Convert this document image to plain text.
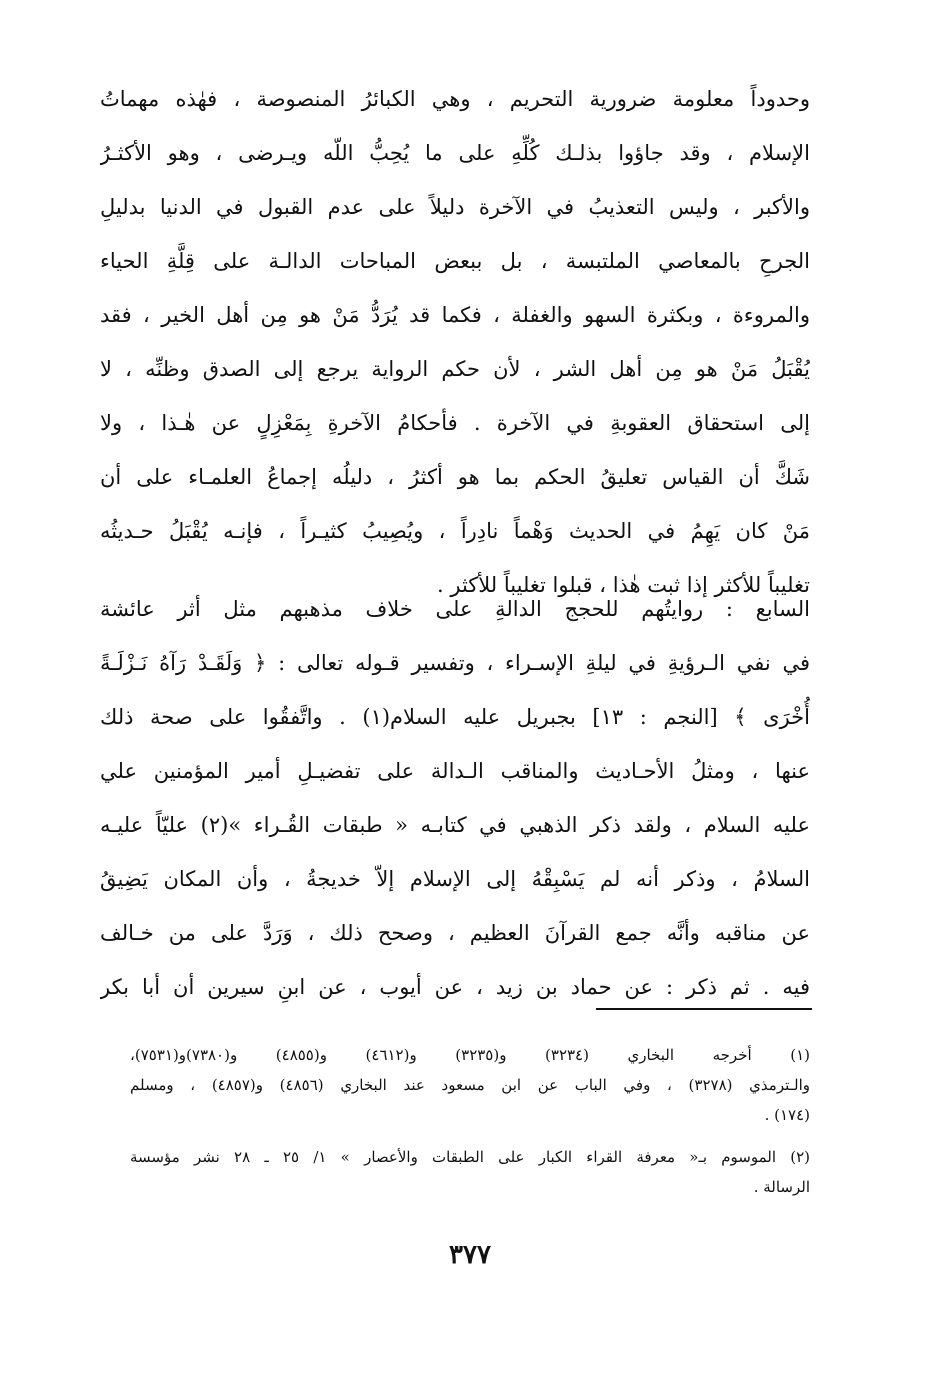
وحدوداً معلومة ضرورية التحريم ، وهي الكبائرُ المنصوصة ، فهٰذه مهماتُ
الإسلام ، وقد جاؤوا بذلـك كُلِّهِ على ما يُحِبُّ اللّه ويـرضى ، وهو الأكثـرُ
والأكبر ، وليس التعذيبُ في الآخرة دليلاً على عدم القبول في الدنيا بدليلِ
الجرحِ بالمعاصي الملتبسة ، بل ببعض المباحات الدالـة على قِلَّةِ الحياء
والمروءة ، وبكثرة السهو والغفلة ، فكما قد يُرَدُّ مَنْ هو مِن أهل الخير ، فقد
يُقْبَلُ مَنْ هو مِن أهل الشر ، لأن حكم الرواية يرجع إلى الصدق وظنِّه ، لا
إلى استحقاق العقوبةِ في الآخرة . فأحكامُ الآخرةِ بِمَعْزِلٍ عن هٰـذا ، ولا
شَكَّ أن القياس تعليقُ الحكم بما هو أكثرُ ، دليلُه إجماعُ العلمـاء على أن
مَنْ كان يَهِمُ في الحديث وَهْماً نادِراً ، ويُصِيبُ كثيـراً ، فإنـه يُقْبَلُ حـديثُه
تغليباً للأكثر إذا ثبت هٰذا ، قبلوا تغليباً للأكثر .
السابع : روايتُهم للحجج الدالةِ على خلاف مذهبهم مثل أثر عائشة
في نفي الـرؤيةِ في ليلةِ الإسـراء ، وتفسير قـوله تعالى : ﴿ وَلَقَـدْ رَآهُ نَـزْلَـةً
أُخْرَى ﴾ [النجم : ١٣] بجبريل عليه السلام(١) . واتَّفقُوا على صحة ذلك
عنها ، ومثلُ الأحـاديث والمناقب الـدالة على تفضيـلِ أمير المؤمنين علي
عليه السلام ، ولقد ذكر الذهبي في كتابـه « طبقات القُـراء »(٢) عليّاً عليـه
السلامُ ، وذكر أنه لم يَسْبِقْهُ إلى الإسلام إلاّ خديجةُ ، وأن المكان يَضِيقُ
عن مناقبه وأنَّه جمع القرآنَ العظيم ، وصحح ذلك ، وَرَدَّ على من خـالف
فيه . ثم ذكر : عن حماد بن زيد ، عن أيوب ، عن ابنِ سيرين أن أبا بكر
(١) أخرجه البخاري (٣٢٣٤) و(٣٢٣٥) و(٤٦١٢) و(٤٨٥٥) و(٧٣٨٠)و(٧٥٣١)،
والـترمذي (٣٢٧٨) ، وفي الباب عن ابن مسعود عند البخاري (٤٨٥٦) و(٤٨٥٧) ، ومسلم
(١٧٤) .
(٢) الموسوم بـ« معرفة القراء الكبار على الطبقات والأعصار » ١/ ٢٥ ـ ٢٨ نشر مؤسسة
الرسالة .
٣٧٧
